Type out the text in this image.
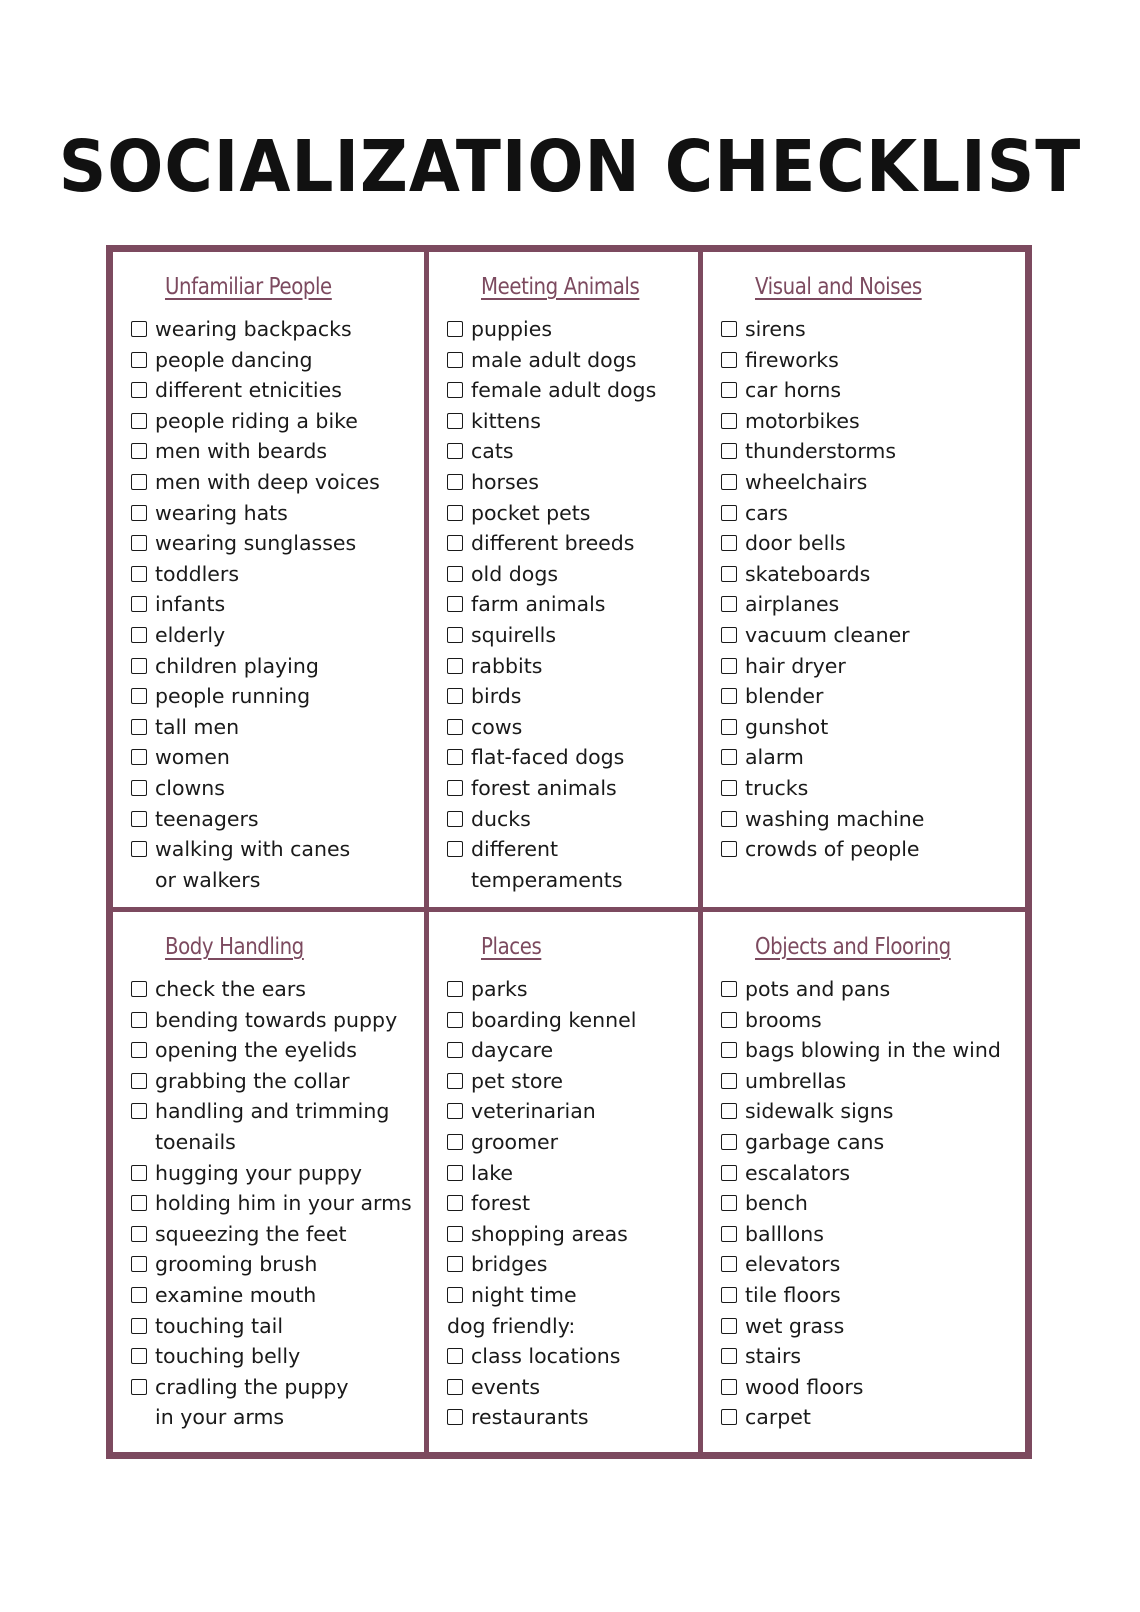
SOCIALIZATION CHECKLIST
Unfamiliar People
wearing backpacks
people dancing
different etnicities
people riding a bike
men with beards
men with deep voices
wearing hats
wearing sunglasses
toddlers
infants
elderly
children playing
people running
tall men
women
clowns
teenagers
walking with canes
or walkers
Meeting Animals
puppies
male adult dogs
female adult dogs
kittens
cats
horses
pocket pets
different breeds
old dogs
farm animals
squirells
rabbits
birds
cows
flat-faced dogs
forest animals
ducks
different
temperaments
Visual and Noises
sirens
fireworks
car horns
motorbikes
thunderstorms
wheelchairs
cars
door bells
skateboards
airplanes
vacuum cleaner
hair dryer
blender
gunshot
alarm
trucks
washing machine
crowds of people
Body Handling
check the ears
bending towards puppy
opening the eyelids
grabbing the collar
handling and trimming
toenails
hugging your puppy
holding him in your arms
squeezing the feet
grooming brush
examine mouth
touching tail
touching belly
cradling the puppy
in your arms
Places
parks
boarding kennel
daycare
pet store
veterinarian
groomer
lake
forest
shopping areas
bridges
night time
dog friendly:
class locations
events
restaurants
Objects and Flooring
pots and pans
brooms
bags blowing in the wind
umbrellas
sidewalk signs
garbage cans
escalators
bench
balllons
elevators
tile floors
wet grass
stairs
wood floors
carpet
